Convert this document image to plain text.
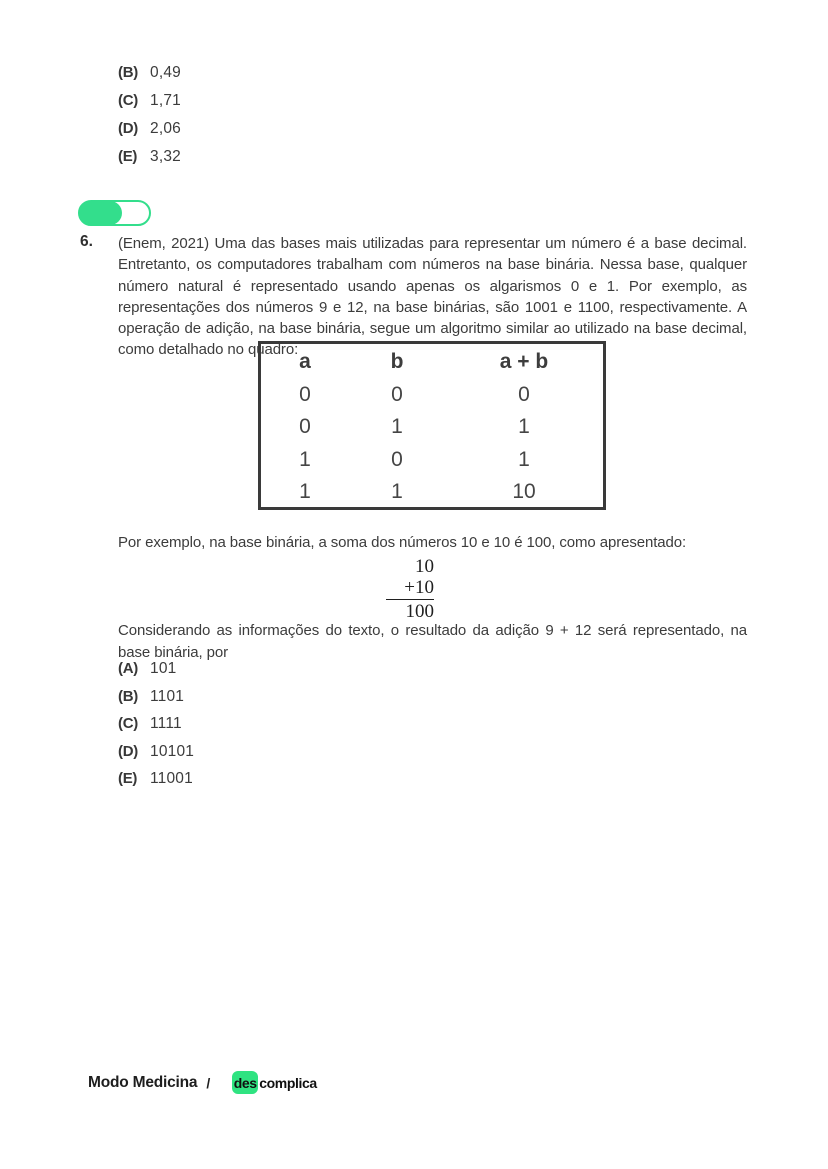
(B) 0,49
(C) 1,71
(D) 2,06
(E) 3,32
6. (Enem, 2021) Uma das bases mais utilizadas para representar um número é a base decimal. Entretanto, os computadores trabalham com números na base binária. Nessa base, qualquer número natural é representado usando apenas os algarismos 0 e 1. Por exemplo, as representações dos números 9 e 12, na base binárias, são 1001 e 1100, respectivamente. A operação de adição, na base binária, segue um algoritmo similar ao utilizado na base decimal, como detalhado no quadro:
a	b	a + b
0	0	0
0	1	1
1	0	1
1	1	10
Por exemplo, na base binária, a soma dos números 10 e 10 é 100, como apresentado:
10
+10
100
Considerando as informações do texto, o resultado da adição 9 + 12 será representado, na base binária, por
(A) 101
(B) 1101
(C) 1111
(D) 10101
(E) 11001
Modo Medicina / des complica
